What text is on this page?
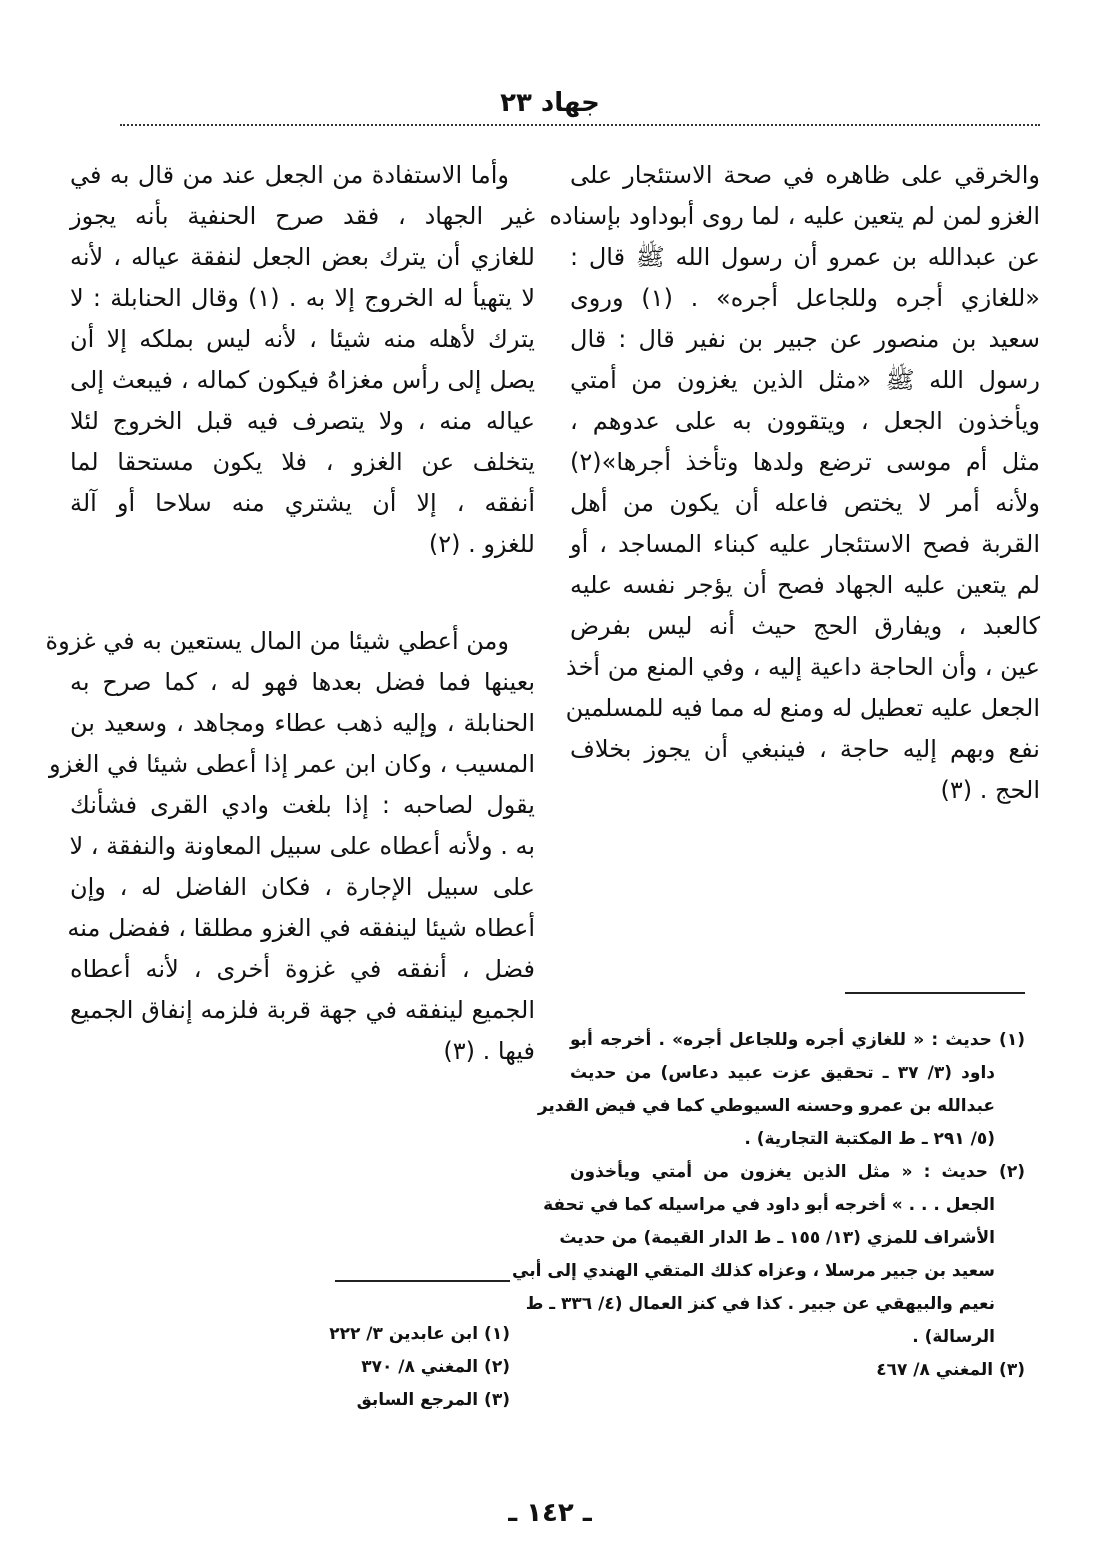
جهاد ٢٣
والخرقي على ظاهره في صحة الاستئجار على
الغزو لمن لم يتعين عليه ، لما روى أبوداود بإسناده
عن عبدالله بن عمرو أن رسول الله ﷺ قال :
«للغازي أجره وللجاعل أجره» . (١) وروى
سعيد بن منصور عن جبير بن نفير قال : قال
رسول الله ﷺ «مثل الذين يغزون من أمتي
ويأخذون الجعل ، ويتقوون به على عدوهم ،
مثل أم موسى ترضع ولدها وتأخذ أجرها»(٢)
ولأنه أمر لا يختص فاعله أن يكون من أهل
القربة فصح الاستئجار عليه كبناء المساجد ، أو
لم يتعين عليه الجهاد فصح أن يؤجر نفسه عليه
كالعبد ، ويفارق الحج حيث أنه ليس بفرض
عين ، وأن الحاجة داعية إليه ، وفي المنع من أخذ
الجعل عليه تعطيل له ومنع له مما فيه للمسلمين
نفع وبهم إليه حاجة ، فينبغي أن يجوز بخلاف
الحج . (٣)
(١) حديث : « للغازي أجره وللجاعل أجره» . أخرجه أبو
داود (٣/ ٣٧ ـ تحقيق عزت عبيد دعاس) من حديث
عبدالله بن عمرو وحسنه السيوطي كما في فيض القدير
(٥/ ٢٩١ ـ ط المكتبة التجارية) .
(٢) حديث : « مثل الذين يغزون من أمتي ويأخذون
الجعل . . . » أخرجه أبو داود في مراسيله كما في تحفة
الأشراف للمزي (١٣/ ١٥٥ ـ ط الدار القيمة) من حديث
سعيد بن جبير مرسلا ، وعزاه كذلك المتقي الهندي إلى أبي
نعيم والبيهقي عن جبير . كذا في كنز العمال (٤/ ٣٣٦ ـ ط
الرسالة) .
(٣) المغني ٨/ ٤٦٧
وأما الاستفادة من الجعل عند من قال به في
غير الجهاد ، فقد صرح الحنفية بأنه يجوز
للغازي أن يترك بعض الجعل لنفقة عياله ، لأنه
لا يتهيأ له الخروج إلا به . (١) وقال الحنابلة : لا
يترك لأهله منه شيئا ، لأنه ليس بملكه إلا أن
يصل إلى رأس مغزاهُ فيكون كماله ، فيبعث إلى
عياله منه ، ولا يتصرف فيه قبل الخروج لئلا
يتخلف عن الغزو ، فلا يكون مستحقا لما
أنفقه ، إلا أن يشتري منه سلاحا أو آلة
للغزو . (٢)
ومن أعطي شيئا من المال يستعين به في غزوة
بعينها فما فضل بعدها فهو له ، كما صرح به
الحنابلة ، وإليه ذهب عطاء ومجاهد ، وسعيد بن
المسيب ، وكان ابن عمر إذا أعطى شيئا في الغزو
يقول لصاحبه : إذا بلغت وادي القرى فشأنك
به . ولأنه أعطاه على سبيل المعاونة والنفقة ، لا
على سبيل الإجارة ، فكان الفاضل له ، وإن
أعطاه شيئا لينفقه في الغزو مطلقا ، ففضل منه
فضل ، أنفقه في غزوة أخرى ، لأنه أعطاه
الجميع لينفقه في جهة قربة فلزمه إنفاق الجميع
فيها . (٣)
(١) ابن عابدين ٣/ ٢٢٢
(٢) المغني ٨/ ٣٧٠
(٣) المرجع السابق
ـ ١٤٢ ـ
